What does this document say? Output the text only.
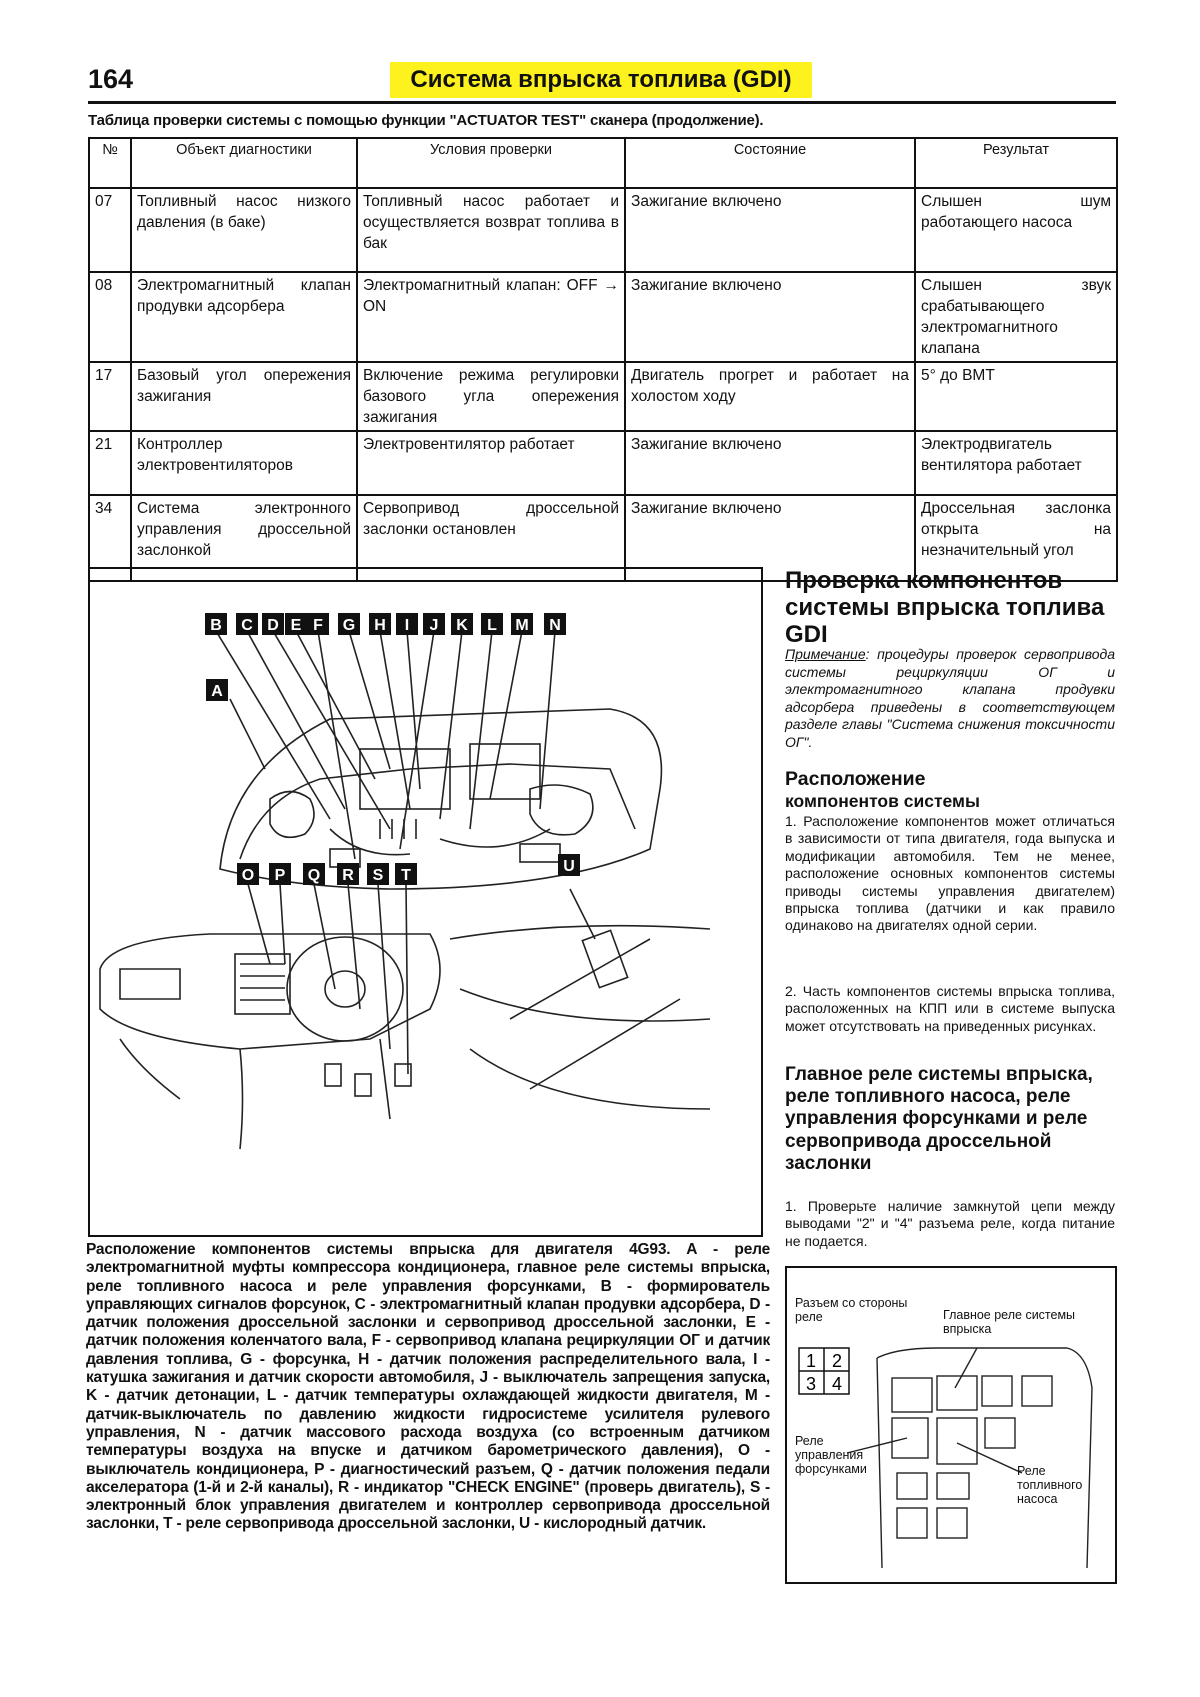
164	Система впрыска топлива (GDI)
Таблица проверки системы с помощью функции "ACTUATOR TEST" сканера (продолжение).
№	Объект диагностики	Условия проверки	Состояние	Результат
07	Топливный насос низкого давления (в баке)	Топливный насос работает и осуществляется возврат топлива в бак	Зажигание включено	Слышен шум работающего насоса
08	Электромагнитный клапан продувки адсорбера	Электромагнитный клапан: OFF → ON	Зажигание включено	Слышен звук срабатывающего электромагнитного клапана
17	Базовый угол опережения зажигания	Включение режима регулировки базового угла опережения зажигания	Двигатель прогрет и работает на холостом ходу	5° до ВМТ
21	Контроллер электровентиляторов	Электровентилятор работает	Зажигание включено	Электродвигатель вентилятора работает
34	Система электронного управления дроссельной заслонкой	Сервопривод дроссельной заслонки остановлен	Зажигание включено	Дроссельная заслонка открыта на незначительный угол
B C D E F G H I J K L M N
A
O P Q R S T
U
Расположение компонентов системы впрыска для двигателя 4G93. A - реле электромагнитной муфты компрессора кондиционера, главное реле системы впрыска, реле топливного насоса и реле управления форсунками, B - формирователь управляющих сигналов форсунок, C - электромагнитный клапан продувки адсорбера, D - датчик положения дроссельной заслонки и сервопривод дроссельной заслонки, E - датчик положения коленчатого вала, F - сервопривод клапана рециркуляции ОГ и датчик давления топлива, G - форсунка, H - датчик положения распределительного вала, I - катушка зажигания и датчик скорости автомобиля, J - выключатель запрещения запуска, K - датчик детонации, L - датчик температуры охлаждающей жидкости двигателя, M - датчик-выключатель по давлению жидкости гидросистеме усилителя рулевого управления, N - датчик массового расхода воздуха (со встроенным датчиком температуры воздуха на впуске и датчиком барометрического давления), O - выключатель кондиционера, P - диагностический разъем, Q - датчик положения педали акселератора (1-й и 2-й каналы), R - индикатор "CHECK ENGINE" (проверь двигатель), S - электронный блок управления двигателем и контроллер сервопривода дроссельной заслонки, T - реле сервопривода дроссельной заслонки, U - кислородный датчик.
Проверка компонентов системы впрыска топлива GDI
Примечание: процедуры проверок сервопривода системы рециркуляции ОГ и электромагнитного клапана продувки адсорбера приведены в соответствующем разделе главы "Система снижения токсичности ОГ".
Расположение
компонентов системы
1. Расположение компонентов может отличаться в зависимости от типа двигателя, года выпуска и модификации автомобиля. Тем не менее, расположение основных компонентов системы приводы системы управления двигателем) впрыска топлива (датчики и как правило одинаково на двигателях одной серии.
2. Часть компонентов системы впрыска топлива, расположенных на КПП или в системе выпуска может отсутствовать на приведенных рисунках.
Главное реле системы впрыска, реле топливного насоса, реле управления форсунками и реле сервопривода дроссельной заслонки
1. Проверьте наличие замкнутой цепи между выводами "2" и "4" разъема реле, когда питание не подается.
Разъем со стороны реле	Главное реле системы впрыска
Реле управления форсунками	Реле топливного насоса
1 2
3 4
